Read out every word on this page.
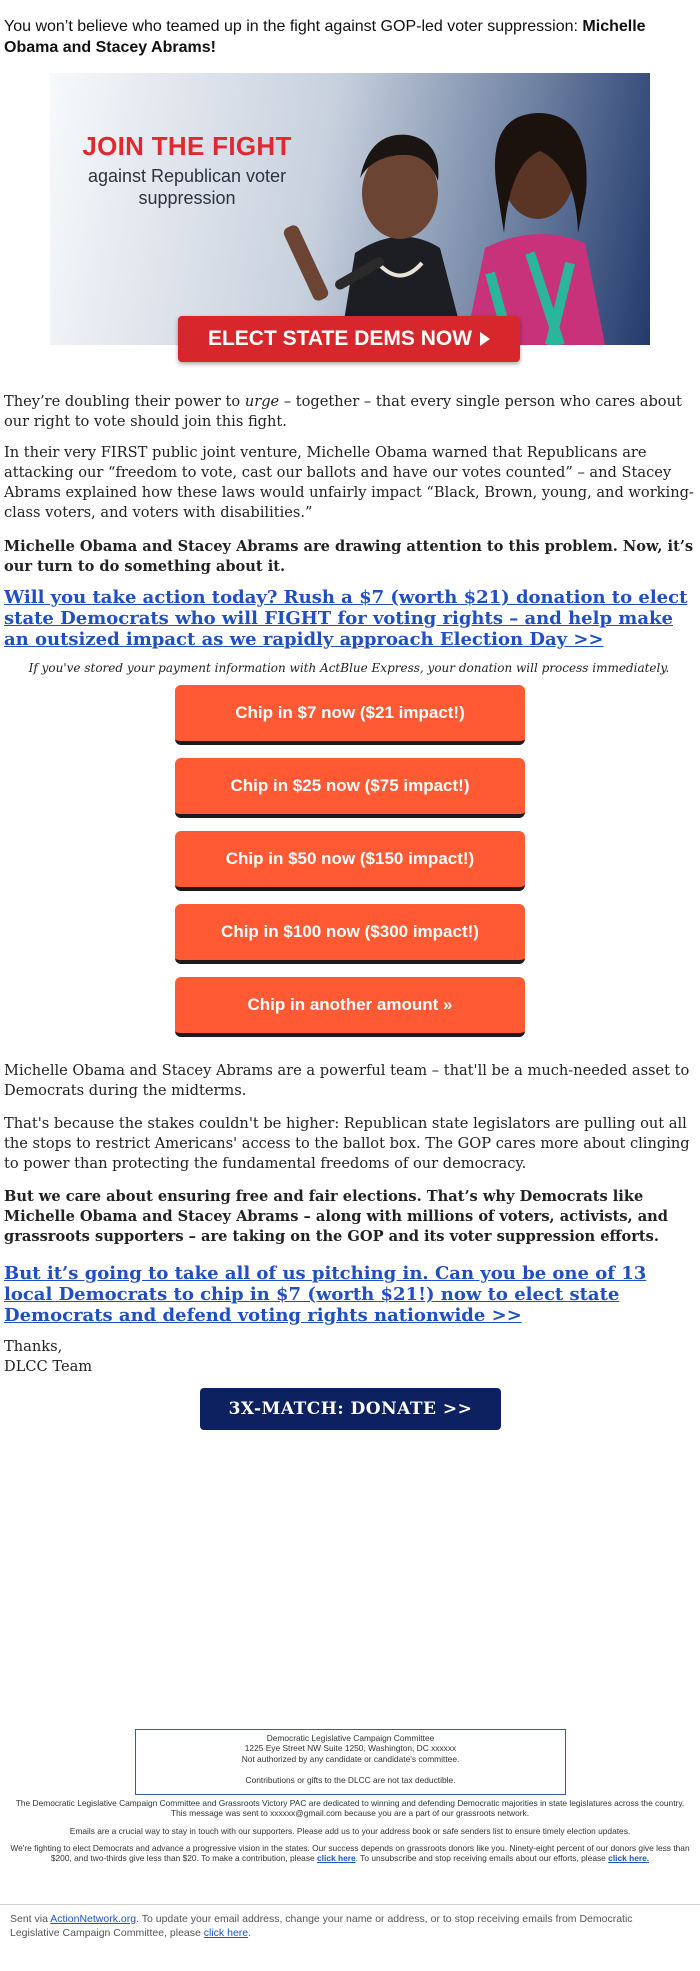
You won’t believe who teamed up in the fight against GOP-led voter suppression: Michelle Obama and Stacey Abrams!
JOIN THE FIGHT
against Republican voter suppression
ELECT STATE DEMS NOW

They’re doubling their power to urge – together – that every single person who cares about our right to vote should join this fight.

In their very FIRST public joint venture, Michelle Obama warned that Republicans are attacking our “freedom to vote, cast our ballots and have our votes counted” – and Stacey Abrams explained how these laws would unfairly impact “Black, Brown, young, and working-class voters, and voters with disabilities.”

Michelle Obama and Stacey Abrams are drawing attention to this problem. Now, it’s our turn to do something about it.

Will you take action today? Rush a $7 (worth $21) donation to elect state Democrats who will FIGHT for voting rights – and help make an outsized impact as we rapidly approach Election Day >>

If you've stored your payment information with ActBlue Express, your donation will process immediately.

Chip in $7 now ($21 impact!)
Chip in $25 now ($75 impact!)
Chip in $50 now ($150 impact!)
Chip in $100 now ($300 impact!)
Chip in another amount »

Michelle Obama and Stacey Abrams are a powerful team – that'll be a much-needed asset to Democrats during the midterms.

That's because the stakes couldn't be higher: Republican state legislators are pulling out all the stops to restrict Americans' access to the ballot box. The GOP cares more about clinging to power than protecting the fundamental freedoms of our democracy.

But we care about ensuring free and fair elections. That’s why Democrats like Michelle Obama and Stacey Abrams – along with millions of voters, activists, and grassroots supporters – are taking on the GOP and its voter suppression efforts.

But it’s going to take all of us pitching in. Can you be one of 13 local Democrats to chip in $7 (worth $21!) now to elect state Democrats and defend voting rights nationwide >>

Thanks,

DLCC Team

3X-MATCH: DONATE >>
Democratic Legislative Campaign Committee
1225 Eye Street NW Suite 1250, Washington, DC xxxxxx
Not authorized by any candidate or candidate's committee.
Contributions or gifts to the DLCC are not tax deductible.
The Democratic Legislative Campaign Committee and Grassroots Victory PAC are dedicated to winning and defending Democratic majorities in state legislatures across the country. This message was sent to xxxxxx@gmail.com because you are a part of our grassroots network.
Emails are a crucial way to stay in touch with our supporters. Please add us to your address book or safe senders list to ensure timely election updates.
We're fighting to elect Democrats and advance a progressive vision in the states. Our success depends on grassroots donors like you. Ninety-eight percent of our donors give less than $200, and two-thirds give less than $20. To make a contribution, please click here. To unsubscribe and stop receiving emails about our efforts, please click here.
Sent via ActionNetwork.org. To update your email address, change your name or address, or to stop receiving emails from Democratic Legislative Campaign Committee, please click here.
